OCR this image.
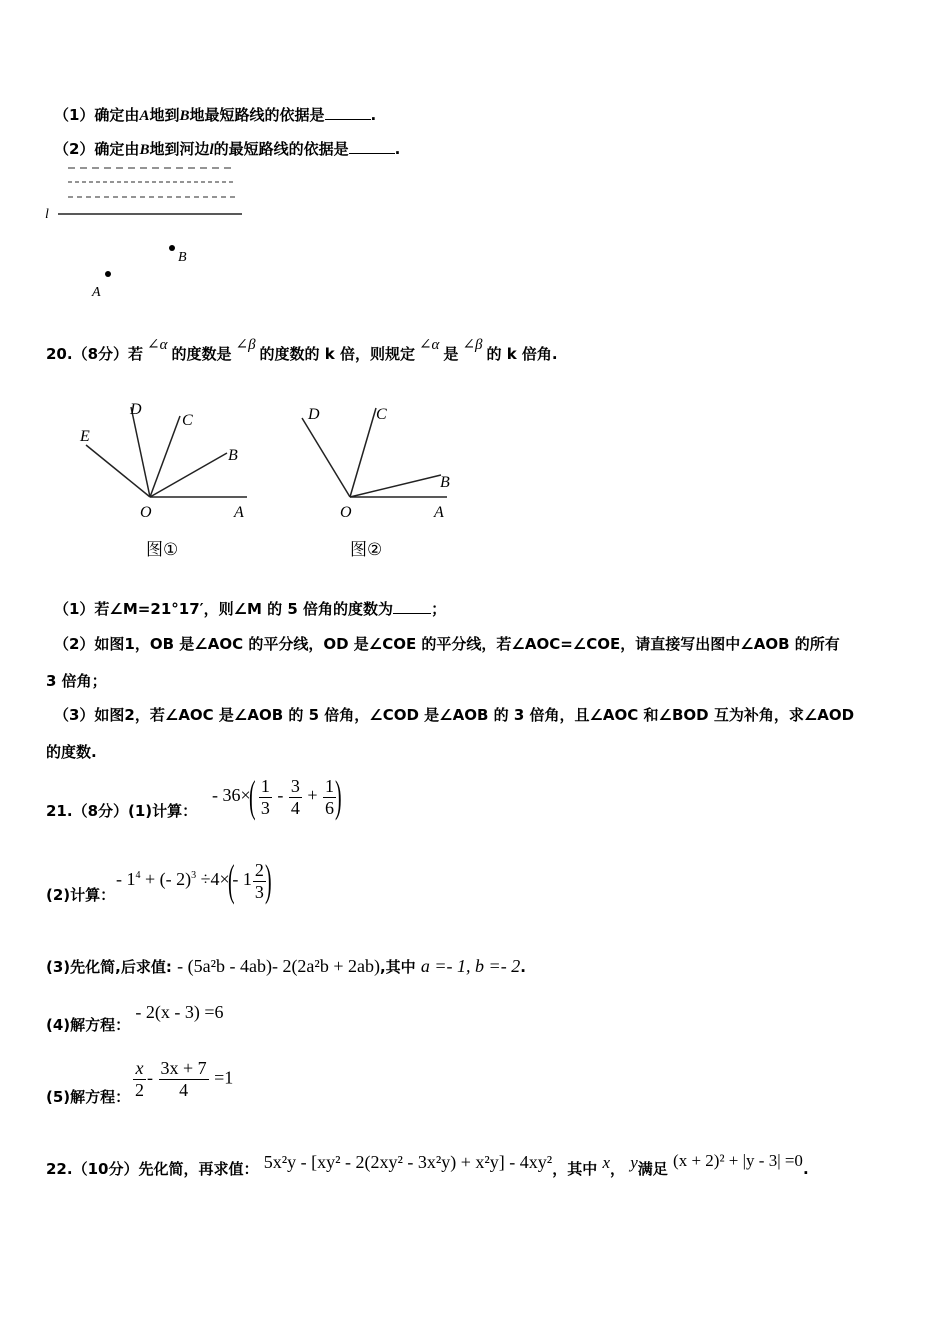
（1）确定由A地到B地最短路线的依据是	.
（2）确定由B地到河边l的最短路线的依据是	.
l
B
A
20.（8分）若 ∠α 的度数是 ∠β 的度数的 k 倍，则规定 ∠α 是 ∠β 的 k 倍角.
E
D
C
B
O	A
图①
D	C
B
O	A
图②
（1）若∠M=21°17′，则∠M 的 5 倍角的度数为	；
（2）如图1，OB 是∠AOC 的平分线，OD 是∠COE 的平分线，若∠AOC=∠COE，请直接写出图中∠AOB 的所有
3 倍角；
（3）如图2，若∠AOC 是∠AOB 的 5 倍角，∠COD 是∠AOB 的 3 倍角，且∠AOC 和∠BOD 互为补角，求∠AOD
的度数.
21.（8分）(1)计算：
- $36\times( \frac{1}{3} - \frac{3}{4} + \frac{1}{6}$ )
(2)计算：
- $1^4$ + (- 2)$^3$ ÷4×(- $1 \frac{2}{3}$ )
(3)先化简,后求值: - (5a²b - 4ab)- 2(2a²b + 2ab),其中 a =- 1, b =- 2.
(4)解方程： - 2(x - 3) =6
(5)解方程： $\frac{x}{2} - \frac{3x + 7}{4} =1$
22.（10分）先化简，再求值： 5x²y - [xy² - 2(2xy² - 3x²y) + x²y] - 4xy²，其中 x， y满足 (x + 2)² + |y - 3| =0.
